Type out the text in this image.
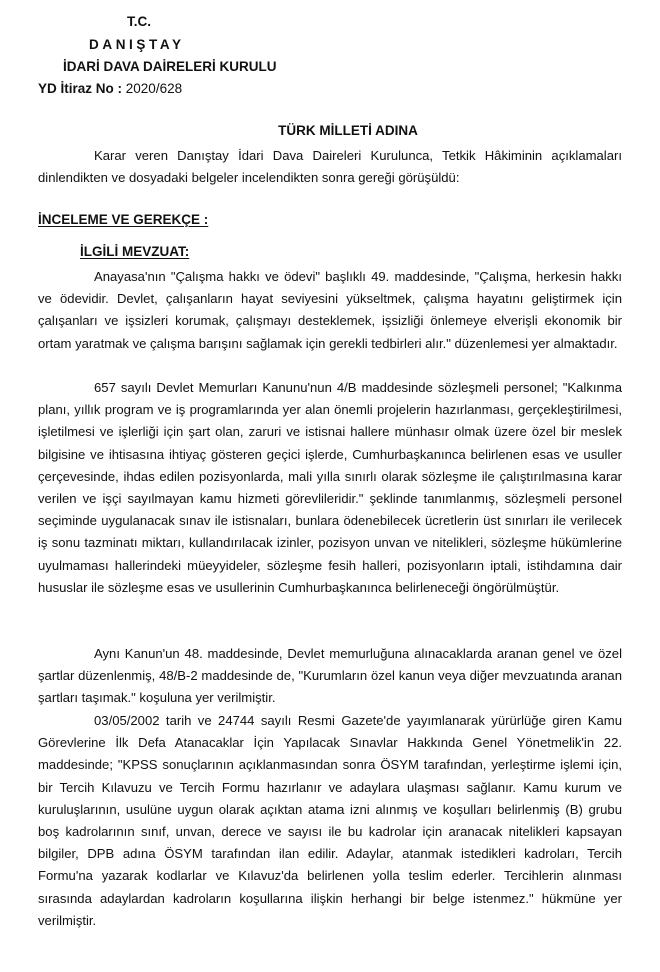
T.C.

DANIŞTAY

İDARİ DAVA DAİRELERİ KURULU

YD İtiraz No : 2020/628

TÜRK MİLLETİ ADINA

Karar veren Danıştay İdari Dava Daireleri Kurulunca, Tetkik Hâkiminin açıklamaları dinlendikten ve dosyadaki belgeler incelendikten sonra gereği görüşüldü:

İNCELEME VE GEREKÇE :

İLGİLİ MEVZUAT:

Anayasa'nın "Çalışma hakkı ve ödevi" başlıklı 49. maddesinde, "Çalışma, herkesin hakkı ve ödevidir. Devlet, çalışanların hayat seviyesini yükseltmek, çalışma hayatını geliştirmek için çalışanları ve işsizleri korumak, çalışmayı desteklemek, işsizliği önlemeye elverişli ekonomik bir ortam yaratmak ve çalışma barışını sağlamak için gerekli tedbirleri alır." düzenlemesi yer almaktadır.

657 sayılı Devlet Memurları Kanunu'nun 4/B maddesinde sözleşmeli personel; "Kalkınma planı, yıllık program ve iş programlarında yer alan önemli projelerin hazırlanması, gerçekleştirilmesi, işletilmesi ve işlerliği için şart olan, zaruri ve istisnai hallere münhasır olmak üzere özel bir meslek bilgisine ve ihtisasına ihtiyaç gösteren geçici işlerde, Cumhurbaşkanınca belirlenen esas ve usuller çerçevesinde, ihdas edilen pozisyonlarda, mali yılla sınırlı olarak sözleşme ile çalıştırılmasına karar verilen ve işçi sayılmayan kamu hizmeti görevlileridir." şeklinde tanımlanmış, sözleşmeli personel seçiminde uygulanacak sınav ile istisnaları, bunlara ödenebilecek ücretlerin üst sınırları ile verilecek iş sonu tazminatı miktarı, kullandırılacak izinler, pozisyon unvan ve nitelikleri, sözleşme hükümlerine uyulmaması hallerindeki müeyyideler, sözleşme fesih halleri, pozisyonların iptali, istihdamına dair hususlar ile sözleşme esas ve usullerinin Cumhurbaşkanınca belirleneceği öngörülmüştür.

Aynı Kanun'un 48. maddesinde, Devlet memurluğuna alınacaklarda aranan genel ve özel şartlar düzenlenmiş, 48/B-2 maddesinde de, "Kurumların özel kanun veya diğer mevzuatında aranan şartları taşımak." koşuluna yer verilmiştir.

03/05/2002 tarih ve 24744 sayılı Resmi Gazete'de yayımlanarak yürürlüğe giren Kamu Görevlerine İlk Defa Atanacaklar İçin Yapılacak Sınavlar Hakkında Genel Yönetmelik'in 22. maddesinde; "KPSS sonuçlarının açıklanmasından sonra ÖSYM tarafından, yerleştirme işlemi için, bir Tercih Kılavuzu ve Tercih Formu hazırlanır ve adaylara ulaşması sağlanır. Kamu kurum ve kuruluşlarının, usulüne uygun olarak açıktan atama izni alınmış ve koşulları belirlenmiş (B) grubu boş kadrolarının sınıf, unvan, derece ve sayısı ile bu kadrolar için aranacak nitelikleri kapsayan bilgiler, DPB adına ÖSYM tarafından ilan edilir. Adaylar, atanmak istedikleri kadroları, Tercih Formu'na yazarak kodlarlar ve Kılavuz'da belirlenen yolla teslim ederler. Tercihlerin alınması sırasında adaylardan kadroların koşullarına ilişkin herhangi bir belge istenmez." hükmüne yer verilmiştir.
